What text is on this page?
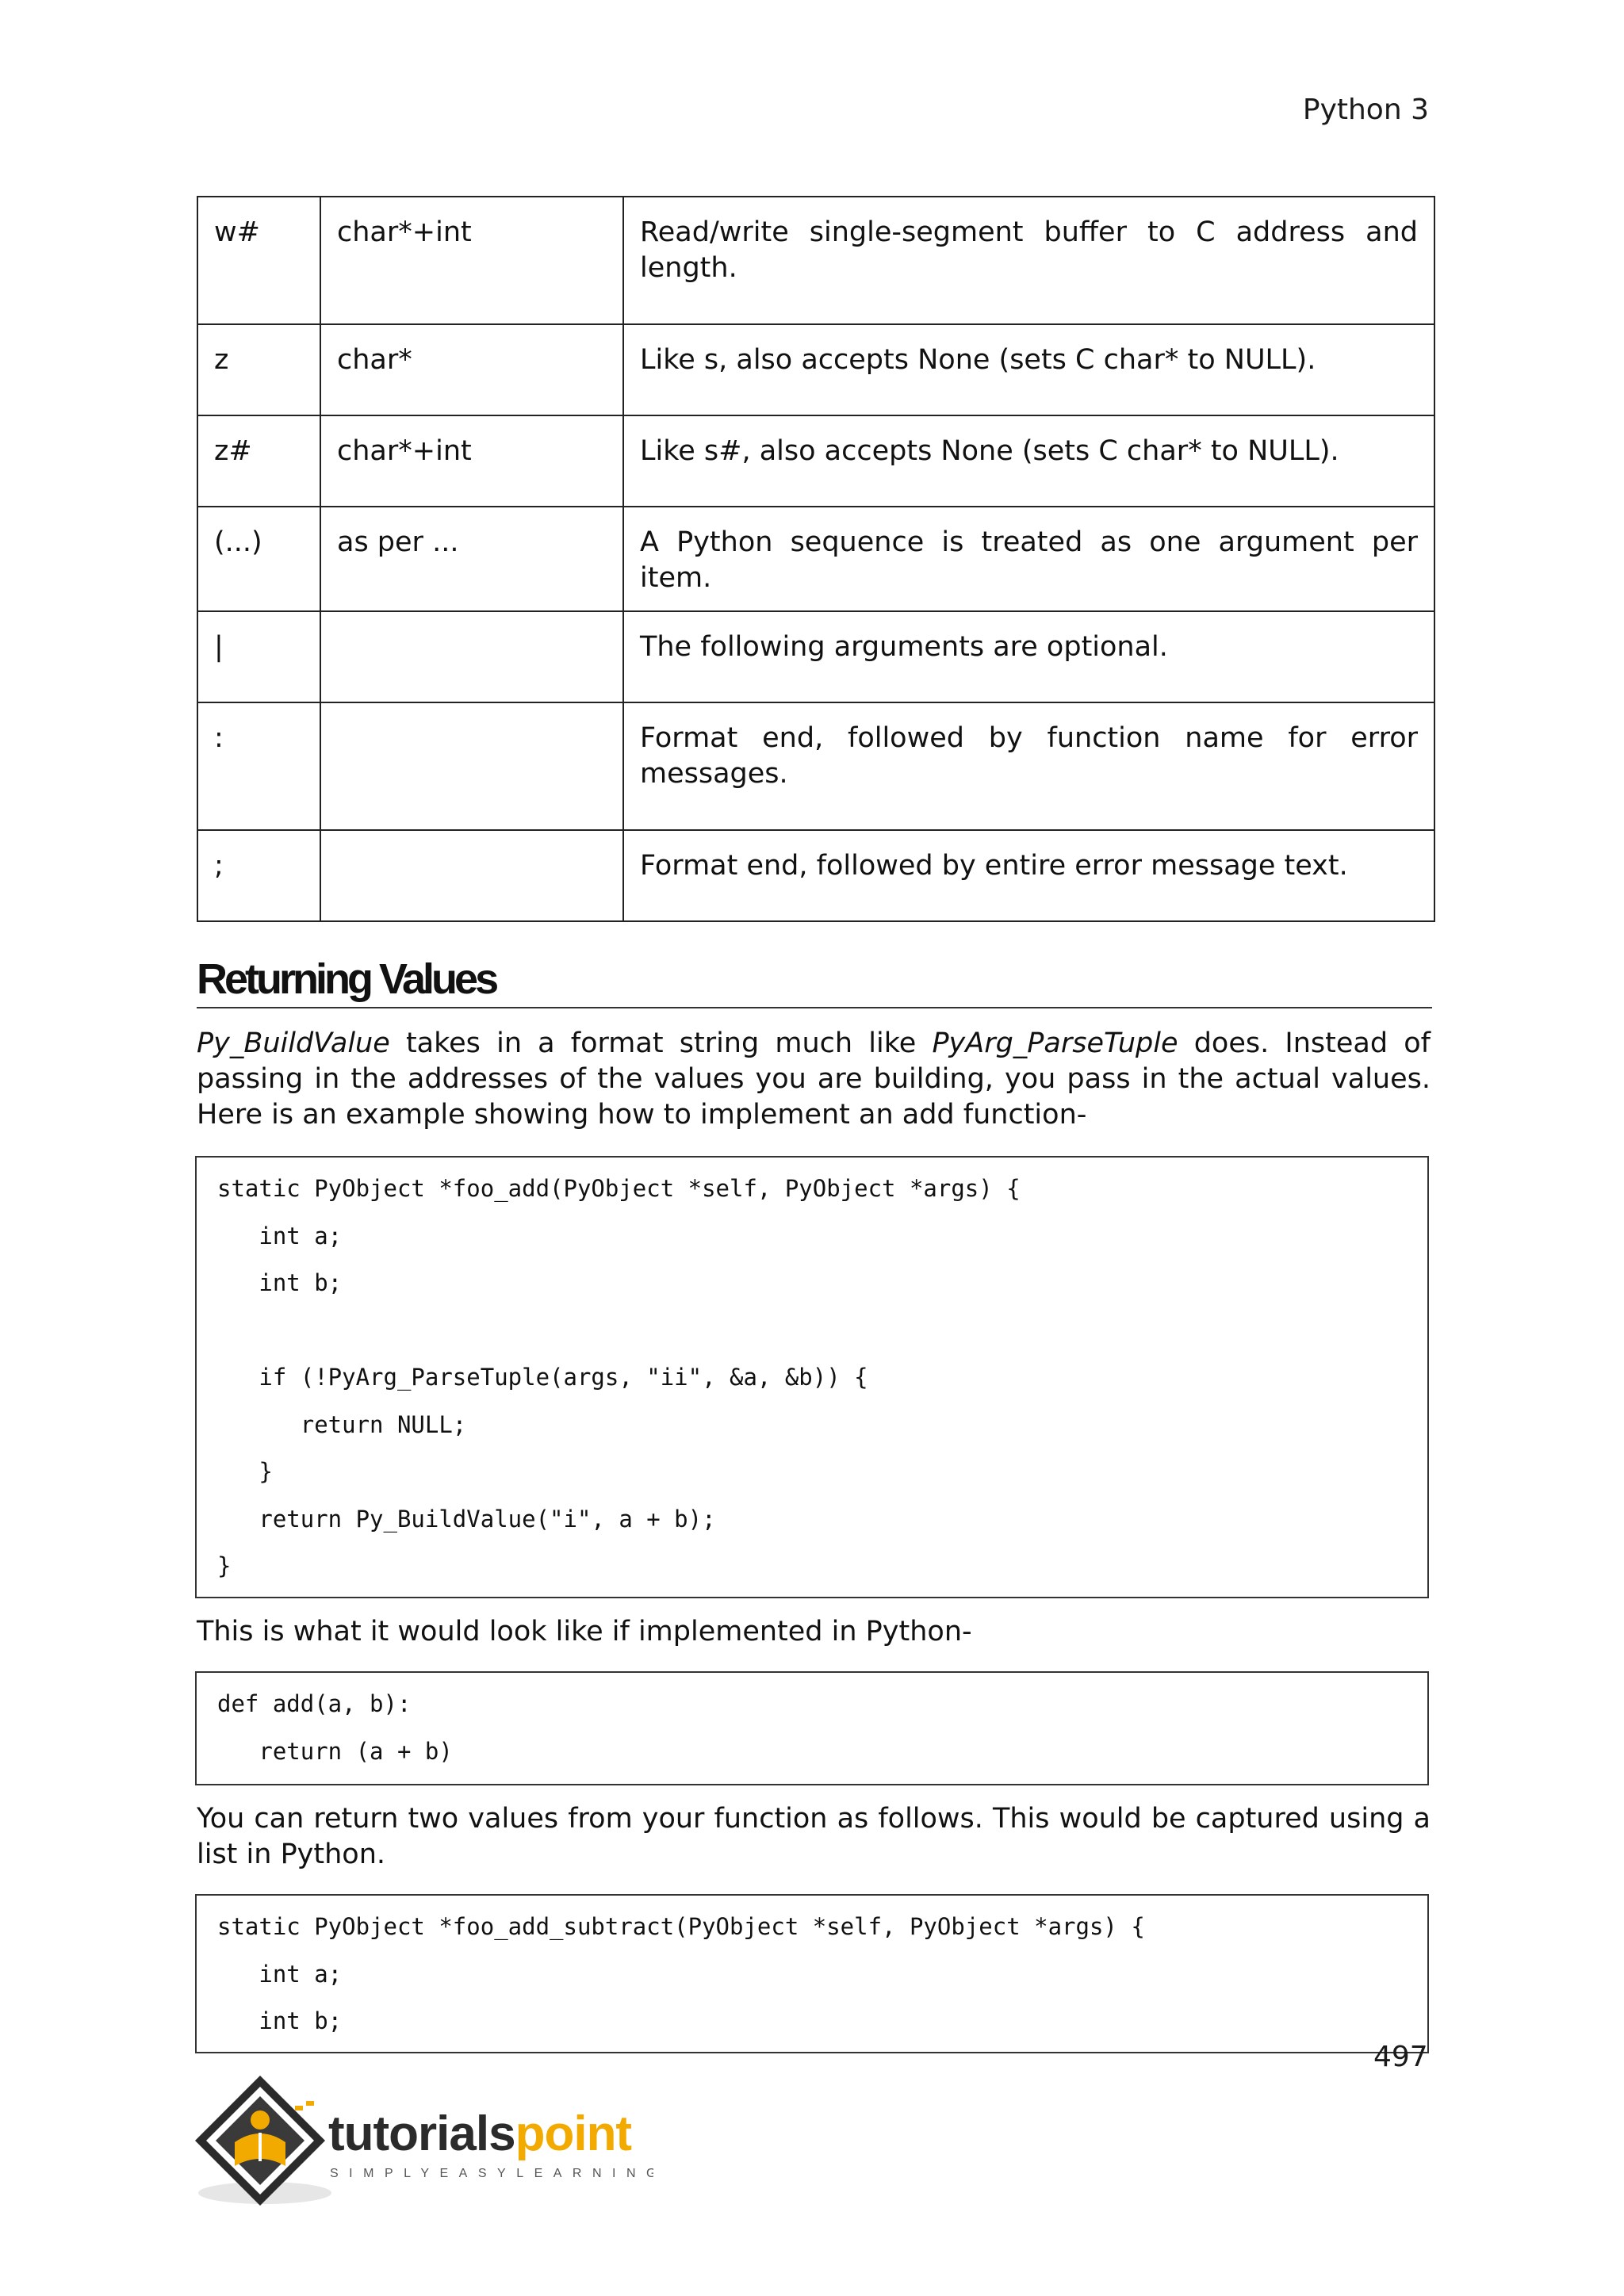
Python 3
w#	char*+int	Read/write single-segment buffer to C address and length.
z	char*	Like s, also accepts None (sets C char* to NULL).
z#	char*+int	Like s#, also accepts None (sets C char* to NULL).
(...)	as per ...	A Python sequence is treated as one argument per item.
|		The following arguments are optional.
:		Format end, followed by function name for error messages.
;		Format end, followed by entire error message text.
Returning Values
Py_BuildValue takes in a format string much like PyArg_ParseTuple does. Instead of passing in the addresses of the values you are building, you pass in the actual values. Here is an example showing how to implement an add function-
static PyObject *foo_add(PyObject *self, PyObject *args) {
int a;
int b;
if (!PyArg_ParseTuple(args, "ii", &a, &b)) {
return NULL;
}
return Py_BuildValue("i", a + b);
}
This is what it would look like if implemented in Python-
def add(a, b):
return (a + b)
You can return two values from your function as follows. This would be captured using a list in Python.
static PyObject *foo_add_subtract(PyObject *self, PyObject *args) {
int a;
int b;
497
tutorialspoint
SIMPLYEASYLEARNING
